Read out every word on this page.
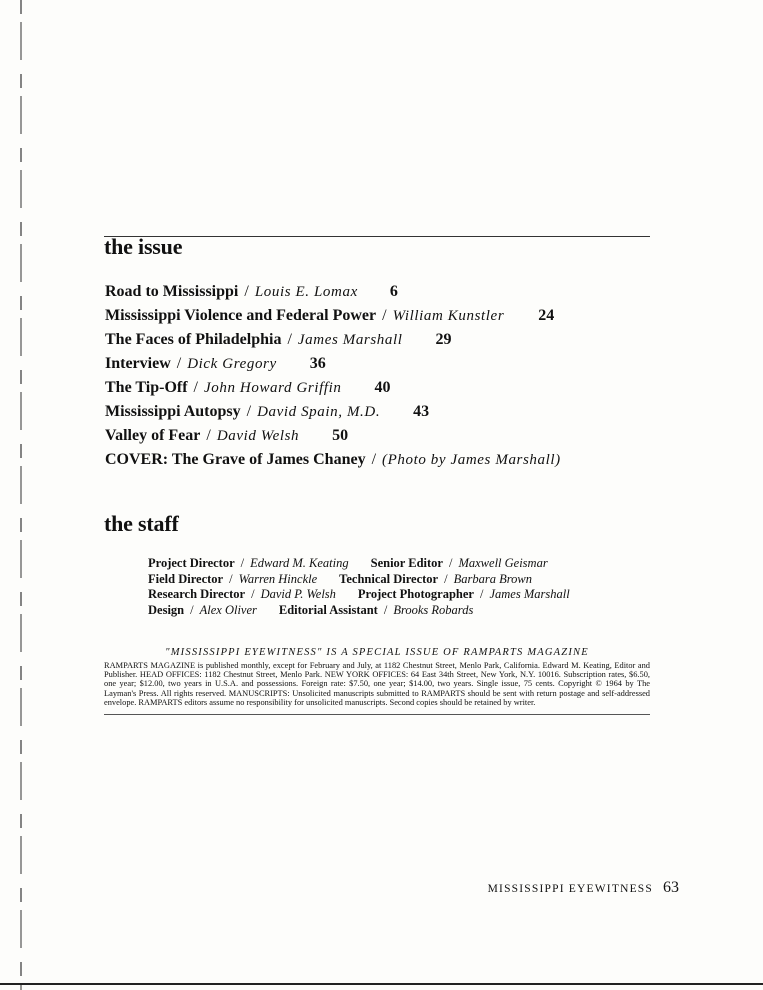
the issue
Road to Mississippi / Louis E. Lomax 6
Mississippi Violence and Federal Power / William Kunstler 24
The Faces of Philadelphia / James Marshall 29
Interview / Dick Gregory 36
The Tip-Off / John Howard Griffin 40
Mississippi Autopsy / David Spain, M.D. 43
Valley of Fear / David Welsh 50
COVER: The Grave of James Chaney / (Photo by James Marshall)
the staff
Project Director / Edward M. Keating Senior Editor / Maxwell Geismar
Field Director / Warren Hinckle Technical Director / Barbara Brown
Research Director / David P. Welsh Project Photographer / James Marshall
Design / Alex Oliver Editorial Assistant / Brooks Robards

"MISSISSIPPI EYEWITNESS" IS A SPECIAL ISSUE OF RAMPARTS MAGAZINE

RAMPARTS MAGAZINE is published monthly, except for February and July, at 1182 Chestnut Street, Menlo Park, California. Edward M. Keating, Editor and Publisher. HEAD OFFICES: 1182 Chestnut Street, Menlo Park. NEW YORK OFFICES: 64 East 34th Street, New York, N.Y. 10016. Subscription rates, $6.50, one year; $12.00, two years in U.S.A. and possessions. Foreign rate: $7.50, one year; $14.00, two years. Single issue, 75 cents. Copyright © 1964 by The Layman's Press. All rights reserved. MANUSCRIPTS: Unsolicited manuscripts submitted to RAMPARTS should be sent with return postage and self-addressed envelope. RAMPARTS editors assume no responsibility for unsolicited manuscripts. Second copies should be retained by writer.

MISSISSIPPI EYEWITNESS 63
